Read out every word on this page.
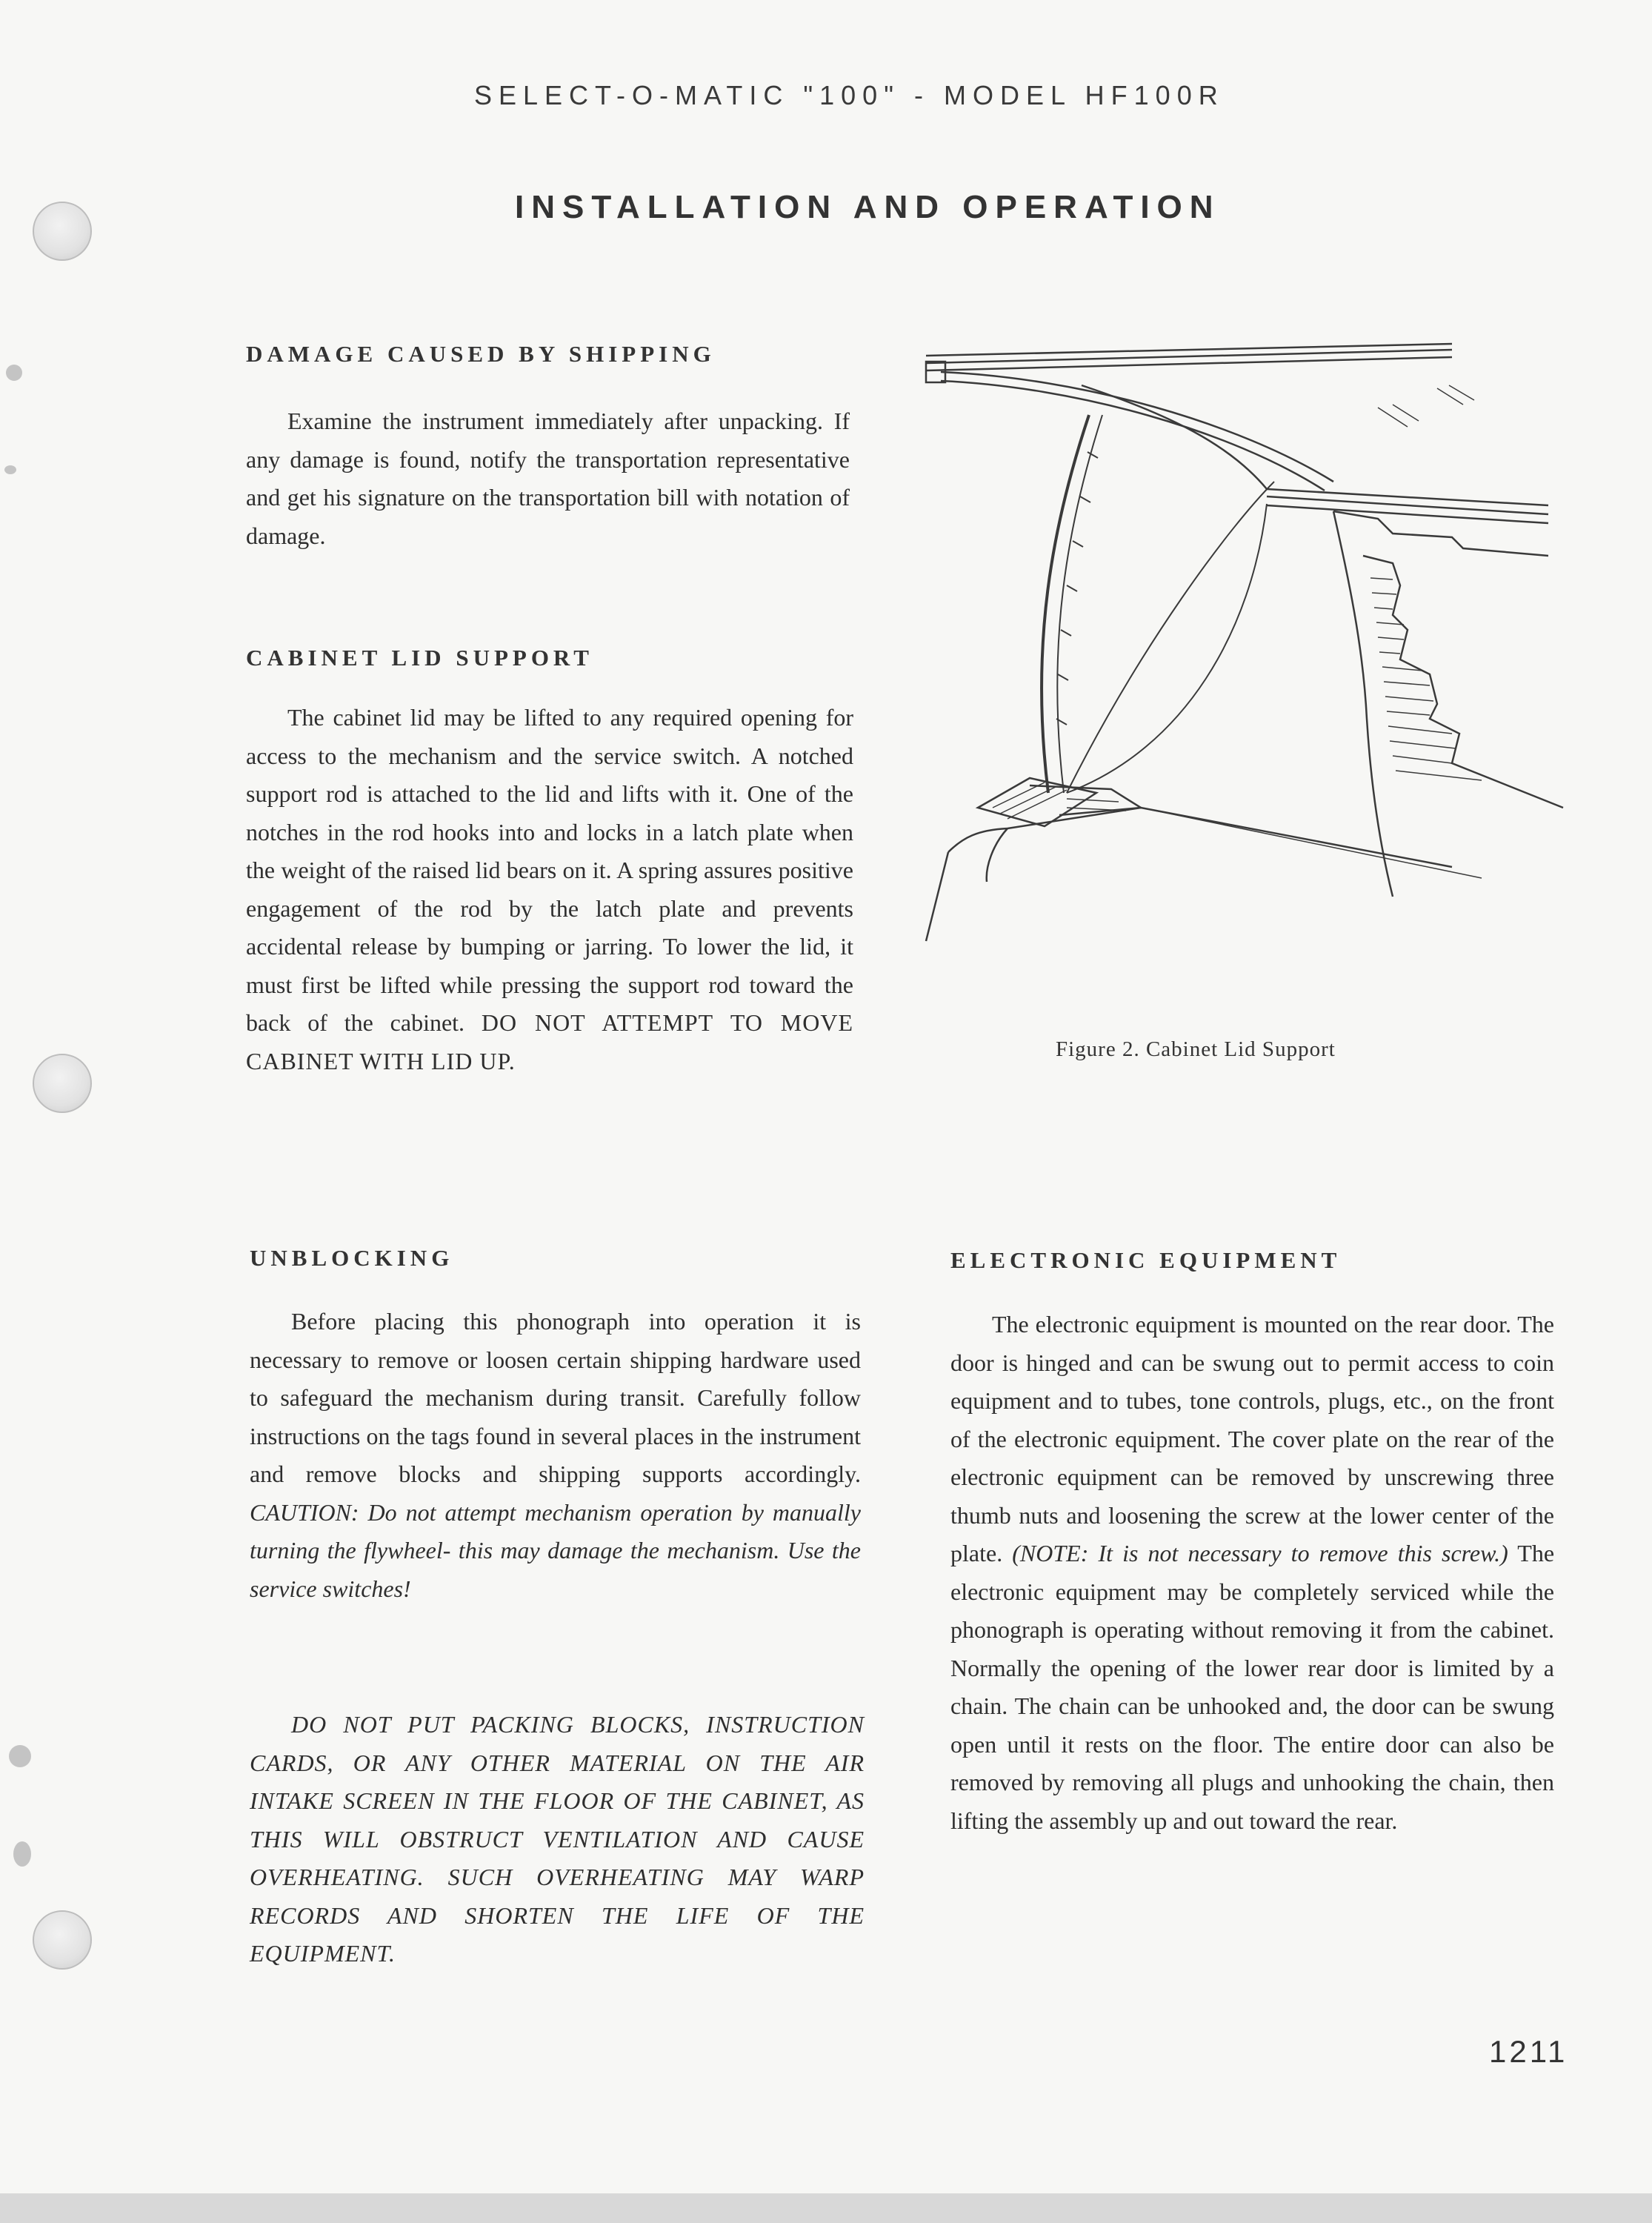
SELECT-O-MATIC "100" - MODEL HF100R
INSTALLATION AND OPERATION
DAMAGE CAUSED BY SHIPPING

Examine the instrument immediately after unpacking. If any damage is found, notify the transportation representative and get his signature on the transportation bill with notation of damage.

CABINET LID SUPPORT

The cabinet lid may be lifted to any required opening for access to the mechanism and the service switch. A notched support rod is attached to the lid and lifts with it. One of the notches in the rod hooks into and locks in a latch plate when the weight of the raised lid bears on it. A spring assures positive engagement of the rod by the latch plate and prevents accidental release by bumping or jarring. To lower the lid, it must first be lifted while pressing the support rod toward the back of the cabinet. DO NOT ATTEMPT TO MOVE CABINET WITH LID UP.

UNBLOCKING

Before placing this phonograph into operation it is necessary to remove or loosen certain shipping hardware used to safeguard the mechanism during transit. Carefully follow instructions on the tags found in several places in the instrument and remove blocks and shipping supports accordingly. CAUTION: Do not attempt mechanism operation by manually turning the flywheel- this may damage the mechanism. Use the service switches!

DO NOT PUT PACKING BLOCKS, INSTRUCTION CARDS, OR ANY OTHER MATERIAL ON THE AIR INTAKE SCREEN IN THE FLOOR OF THE CABINET, AS THIS WILL OBSTRUCT VENTILATION AND CAUSE OVERHEATING. SUCH OVERHEATING MAY WARP RECORDS AND SHORTEN THE LIFE OF THE EQUIPMENT.

Figure 2. Cabinet Lid Support
ELECTRONIC EQUIPMENT

The electronic equipment is mounted on the rear door. The door is hinged and can be swung out to permit access to coin equipment and to tubes, tone controls, plugs, etc., on the front of the electronic equipment. The cover plate on the rear of the electronic equipment can be removed by unscrewing three thumb nuts and loosening the screw at the lower center of the plate. (NOTE: It is not necessary to remove this screw.) The electronic equipment may be completely serviced while the phonograph is operating without removing it from the cabinet. Normally the opening of the lower rear door is limited by a chain. The chain can be unhooked and, the door can be swung open until it rests on the floor. The entire door can also be removed by removing all plugs and unhooking the chain, then lifting the assembly up and out toward the rear.

1211
